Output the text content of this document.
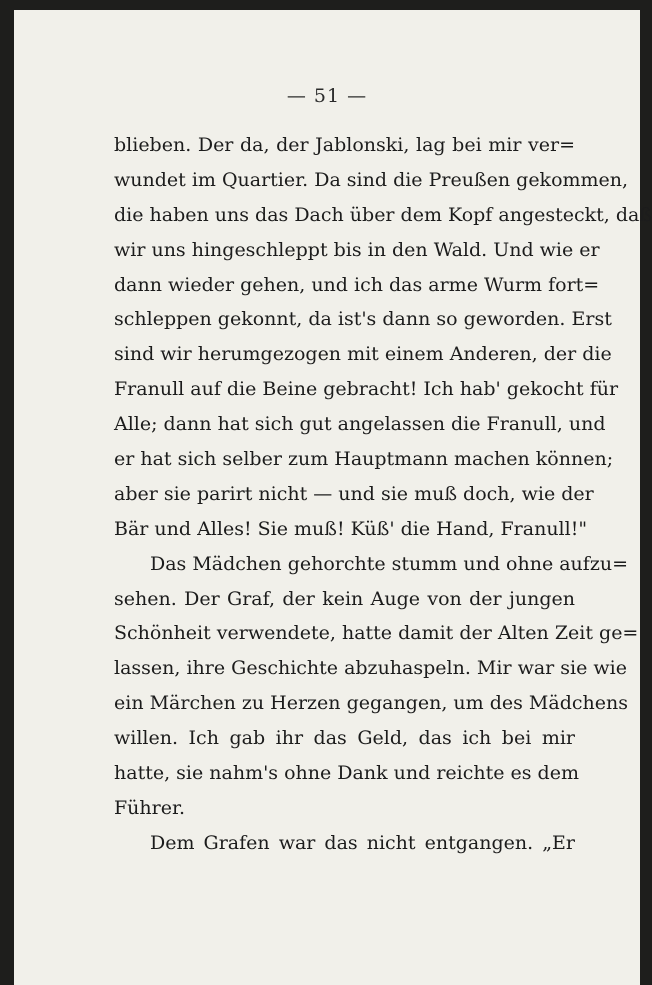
— 51 —
blieben. Der da, der Jablonski, lag bei mir ver=
wundet im Quartier. Da sind die Preußen gekommen,
die haben uns das Dach über dem Kopf angesteckt, daß
wir uns hingeschleppt bis in den Wald. Und wie er
dann wieder gehen, und ich das arme Wurm fort=
schleppen gekonnt, da ist's dann so geworden. Erst
sind wir herumgezogen mit einem Anderen, der die
Franull auf die Beine gebracht! Ich hab' gekocht für
Alle; dann hat sich gut angelassen die Franull, und
er hat sich selber zum Hauptmann machen können;
aber sie parirt nicht — und sie muß doch, wie der
Bär und Alles! Sie muß! Küß' die Hand, Franull!"
Das Mädchen gehorchte stumm und ohne aufzu=
sehen. Der Graf, der kein Auge von der jungen
Schönheit verwendete, hatte damit der Alten Zeit ge=
lassen, ihre Geschichte abzuhaspeln. Mir war sie wie
ein Märchen zu Herzen gegangen, um des Mädchens
willen. Ich gab ihr das Geld, das ich bei mir
hatte, sie nahm's ohne Dank und reichte es dem
Führer.
Dem Grafen war das nicht entgangen. „Er
